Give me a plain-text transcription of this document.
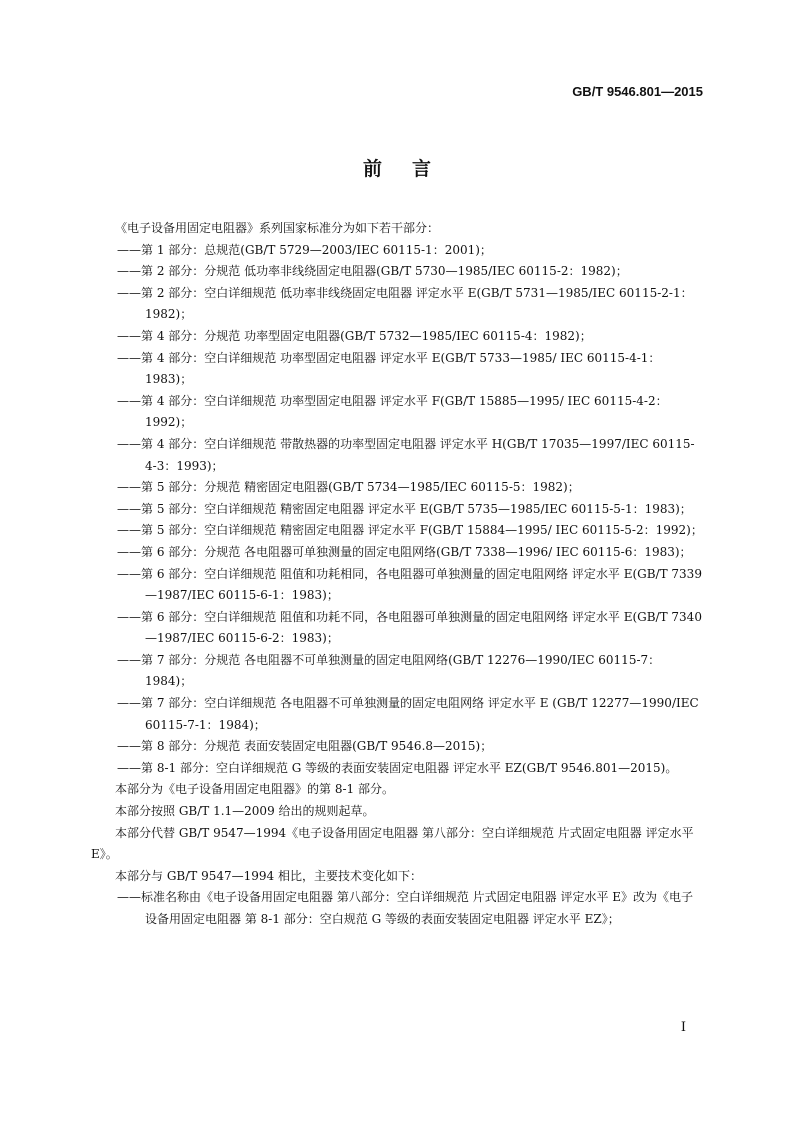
GB/T 9546.801—2015
前言

《电子设备用固定电阻器》系列国家标准分为如下若干部分：

——第 1 部分：总规范(GB/T 5729—2003/IEC 60115-1：2001)；

——第 2 部分：分规范 低功率非线绕固定电阻器(GB/T 5730—1985/IEC 60115-2：1982)；

——第 2 部分：空白详细规范 低功率非线绕固定电阻器 评定水平 E(GB/T 5731—1985/IEC 60115-2-1：1982)；

——第 4 部分：分规范 功率型固定电阻器(GB/T 5732—1985/IEC 60115-4：1982)；

——第 4 部分：空白详细规范 功率型固定电阻器 评定水平 E(GB/T 5733—1985/ IEC 60115-4-1：1983)；

——第 4 部分：空白详细规范 功率型固定电阻器 评定水平 F(GB/T 15885—1995/ IEC 60115-4-2：1992)；

——第 4 部分：空白详细规范 带散热器的功率型固定电阻器 评定水平 H(GB/T 17035—1997/IEC 60115-4-3：1993)；

——第 5 部分：分规范 精密固定电阻器(GB/T 5734—1985/IEC 60115-5：1982)；

——第 5 部分：空白详细规范 精密固定电阻器 评定水平 E(GB/T 5735—1985/IEC 60115-5-1：1983)；

——第 5 部分：空白详细规范 精密固定电阻器 评定水平 F(GB/T 15884—1995/ IEC 60115-5-2：1992)；

——第 6 部分：分规范 各电阻器可单独测量的固定电阻网络(GB/T 7338—1996/ IEC 60115-6：1983)；

——第 6 部分：空白详细规范 阻值和功耗相同，各电阻器可单独测量的固定电阻网络 评定水平 E(GB/T 7339—1987/IEC 60115-6-1：1983)；

——第 6 部分：空白详细规范 阻值和功耗不同，各电阻器可单独测量的固定电阻网络 评定水平 E(GB/T 7340—1987/IEC 60115-6-2：1983)；

——第 7 部分：分规范 各电阻器不可单独测量的固定电阻网络(GB/T 12276—1990/IEC 60115-7：1984)；

——第 7 部分：空白详细规范 各电阻器不可单独测量的固定电阻网络 评定水平 E (GB/T 12277—1990/IEC 60115-7-1：1984)；

——第 8 部分：分规范 表面安装固定电阻器(GB/T 9546.8—2015)；

——第 8-1 部分：空白详细规范 G 等级的表面安装固定电阻器 评定水平 EZ(GB/T 9546.801—2015)。

本部分为《电子设备用固定电阻器》的第 8-1 部分。

本部分按照 GB/T 1.1—2009 给出的规则起草。

本部分代替 GB/T 9547—1994《电子设备用固定电阻器 第八部分：空白详细规范 片式固定电阻器 评定水平 E》。

本部分与 GB/T 9547—1994 相比，主要技术变化如下：

——标准名称由《电子设备用固定电阻器 第八部分：空白详细规范 片式固定电阻器 评定水平 E》改为《电子设备用固定电阻器 第 8-1 部分：空白规范 G 等级的表面安装固定电阻器 评定水平 EZ》；

I
